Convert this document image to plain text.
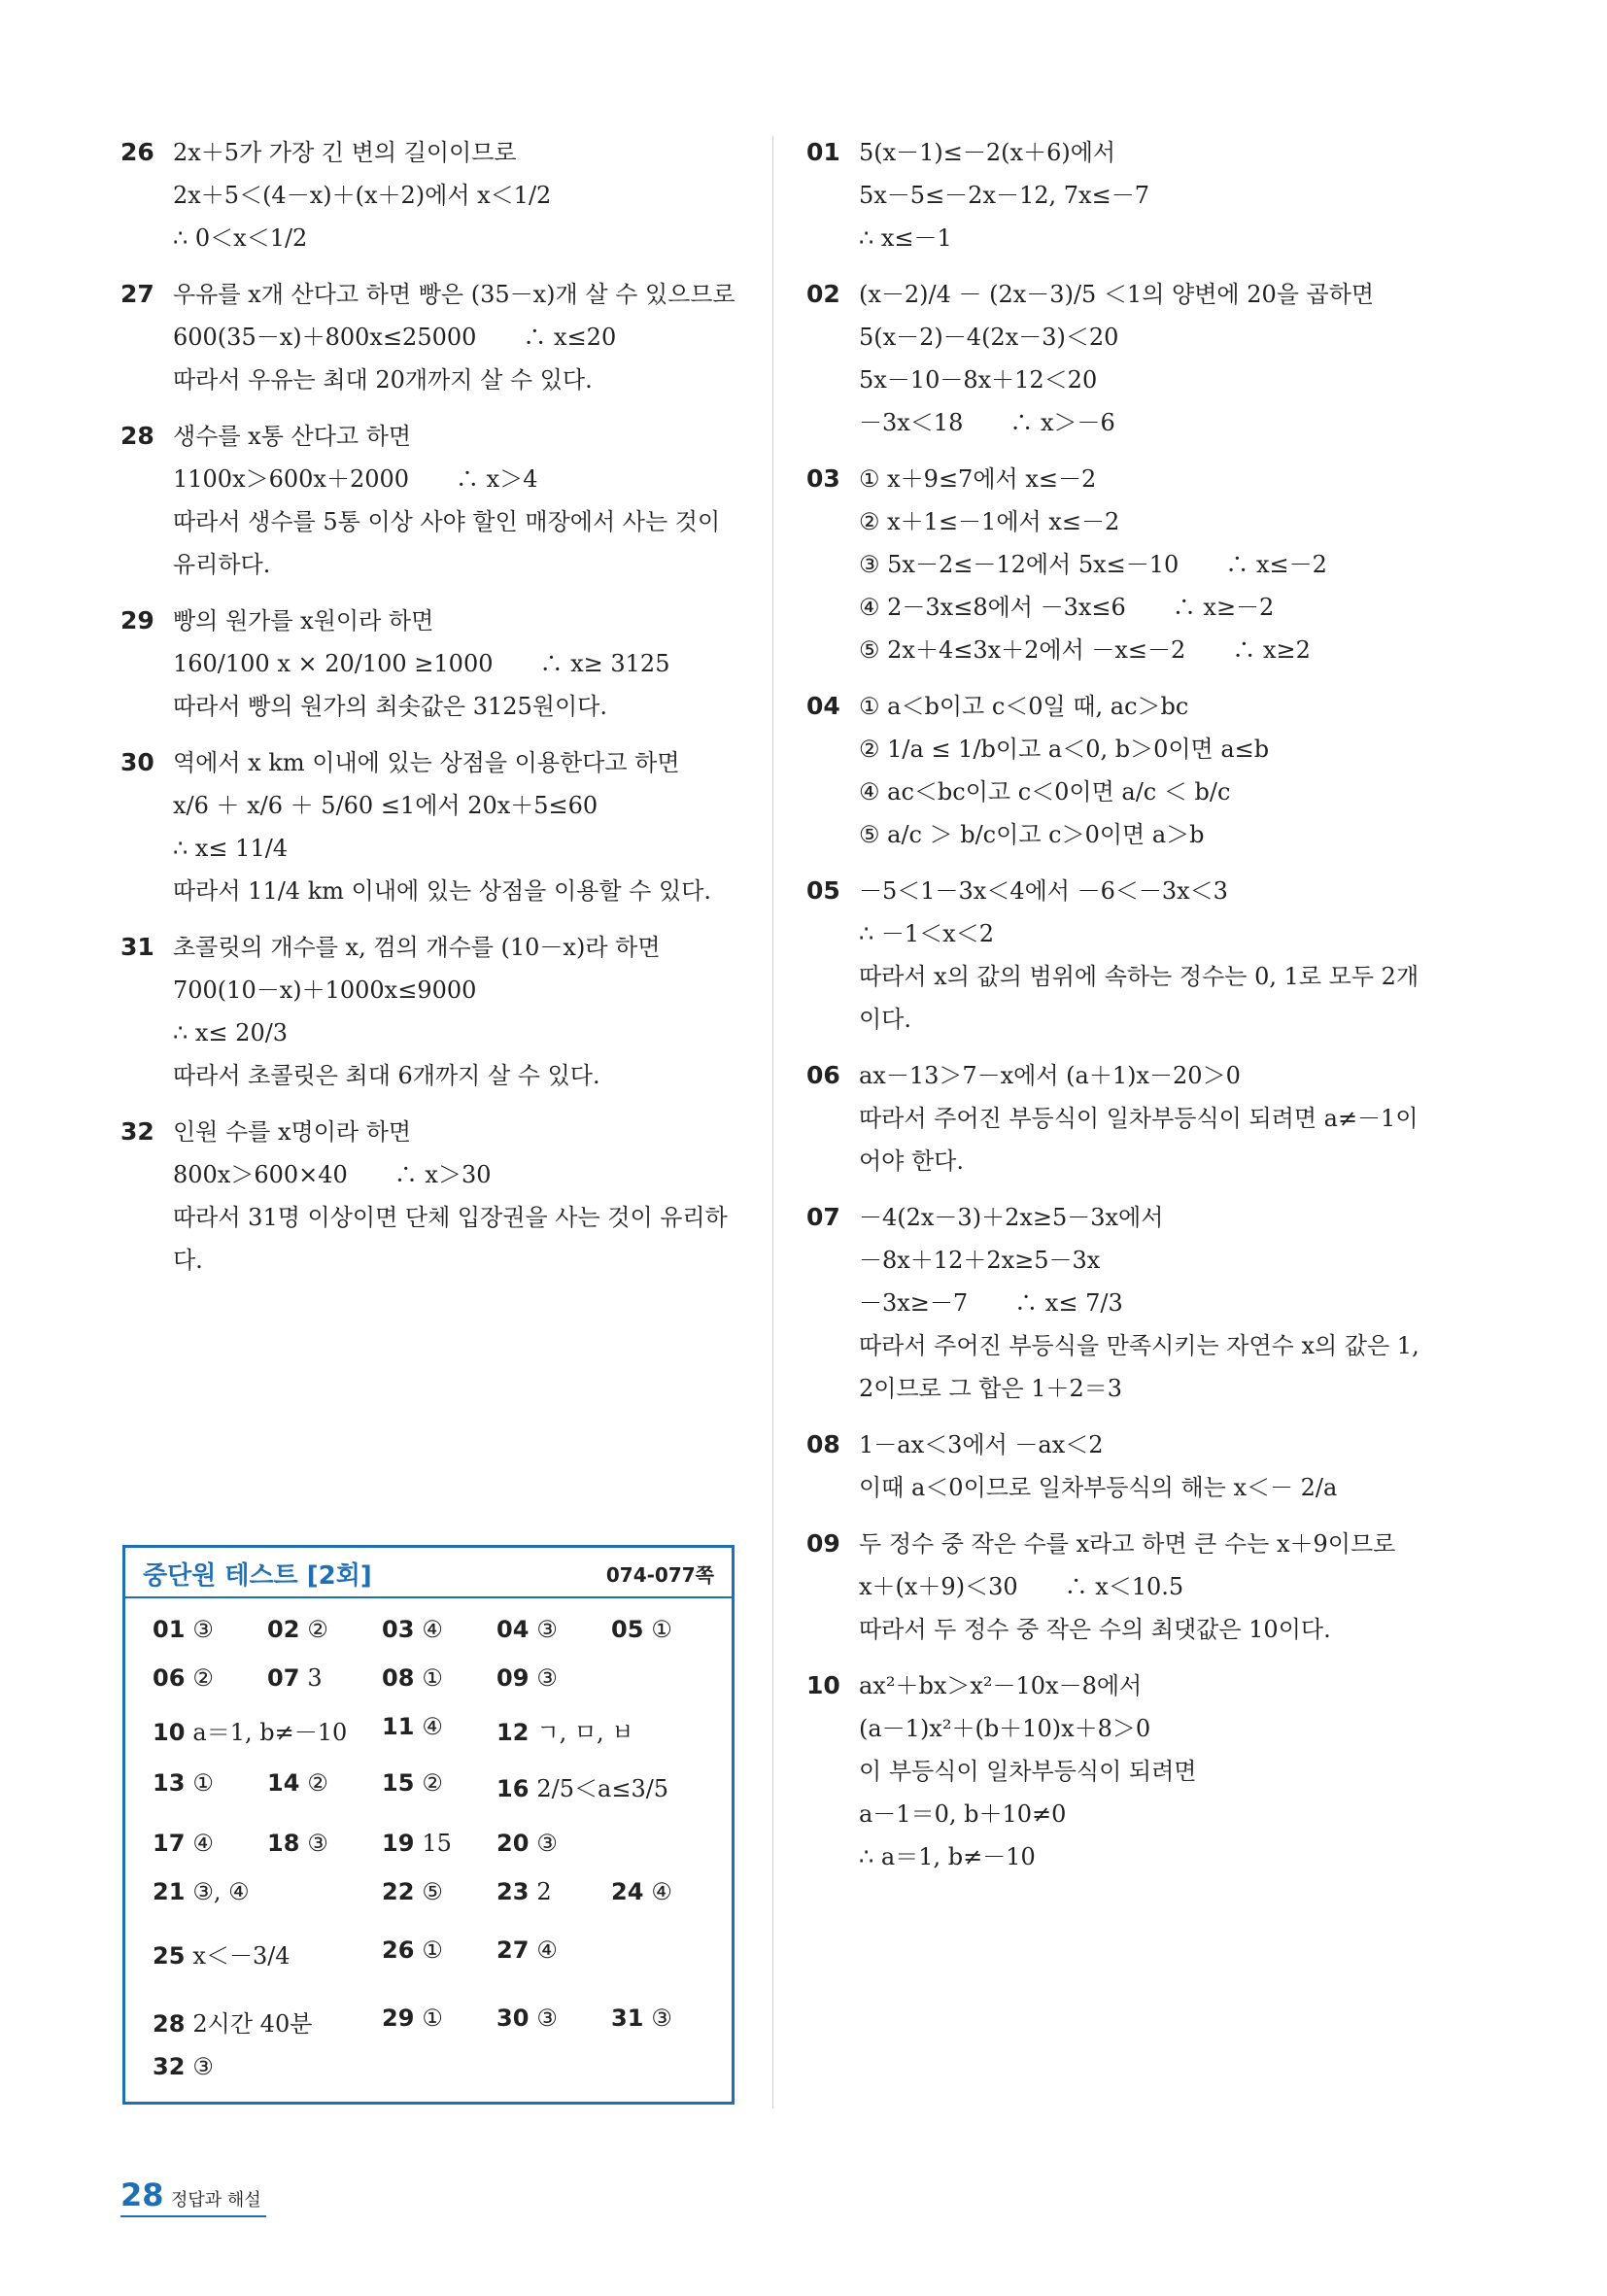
26 2x＋5가 가장 긴 변의 길이이므로
2x＋5＜(4－x)＋(x＋2)에서 x＜1/2
∴ 0＜x＜1/2
27 우유를 x개 산다고 하면 빵은 (35－x)개 살 수 있으므로
600(35－x)＋800x≤25000　　∴ x≤20
따라서 우유는 최대 20개까지 살 수 있다.
28 생수를 x통 산다고 하면
1100x＞600x＋2000　　∴ x＞4
따라서 생수를 5통 이상 사야 할인 매장에서 사는 것이 유리하다.
29 빵의 원가를 x원이라 하면
160/100 x × 20/100 ≥1000　　∴ x≥ 3125
따라서 빵의 원가의 최솟값은 3125원이다.
30 역에서 x km 이내에 있는 상점을 이용한다고 하면
x/6 ＋ x/6 ＋ 5/60 ≤1에서 20x＋5≤60
∴ x≤ 11/4
따라서 11/4 km 이내에 있는 상점을 이용할 수 있다.
31 초콜릿의 개수를 x, 껌의 개수를 (10－x)라 하면
700(10－x)＋1000x≤9000
∴ x≤ 20/3
따라서 초콜릿은 최대 6개까지 살 수 있다.
32 인원 수를 x명이라 하면
800x＞600×40　　∴ x＞30
따라서 31명 이상이면 단체 입장권을 사는 것이 유리하다.
01 5(x－1)≤－2(x＋6)에서
5x－5≤－2x－12, 7x≤－7
∴ x≤－1
02 (x－2)/4 － (2x－3)/5 ＜1의 양변에 20을 곱하면
5(x－2)－4(2x－3)＜20
5x－10－8x＋12＜20
－3x＜18　　∴ x＞－6
03 ① x＋9≤7에서 x≤－2
② x＋1≤－1에서 x≤－2
③ 5x－2≤－12에서 5x≤－10　　∴ x≤－2
④ 2－3x≤8에서 －3x≤6　　∴ x≥－2
⑤ 2x＋4≤3x＋2에서 －x≤－2　　∴ x≥2
04 ① a＜b이고 c＜0일 때, ac＞bc
② 1/a ≤ 1/b이고 a＜0, b＞0이면 a≤b
④ ac＜bc이고 c＜0이면 a/c ＜ b/c
⑤ a/c ＞ b/c이고 c＞0이면 a＞b
05 －5＜1－3x＜4에서 －6＜－3x＜3
∴ －1＜x＜2
따라서 x의 값의 범위에 속하는 정수는 0, 1로 모두 2개이다.
06 ax－13＞7－x에서 (a＋1)x－20＞0
따라서 주어진 부등식이 일차부등식이 되려면 a≠－1이어야 한다.
07 －4(2x－3)＋2x≥5－3x에서
－8x＋12＋2x≥5－3x
－3x≥－7　　∴ x≤ 7/3
따라서 주어진 부등식을 만족시키는 자연수 x의 값은 1, 2이므로 그 합은 1＋2＝3
08 1－ax＜3에서 －ax＜2
이때 a＜0이므로 일차부등식의 해는 x＜－ 2/a
09 두 정수 중 작은 수를 x라고 하면 큰 수는 x＋9이므로
x＋(x＋9)＜30　　∴ x＜10.5
따라서 두 정수 중 작은 수의 최댓값은 10이다.
10 ax²＋bx＞x²－10x－8에서
(a－1)x²＋(b＋10)x＋8＞0
이 부등식이 일차부등식이 되려면
a－1＝0, b＋10≠0
∴ a＝1, b≠－10
중단원 테스트 [2회]	074-077쪽
01 ③ 02 ② 03 ④ 04 ③ 05 ①
06 ② 07 3	08 ① 09 ③
10 a＝1, b≠－10 11 ④ 12 ㄱ, ㅁ, ㅂ
13 ① 14 ② 15 ② 16 2/5＜a≤3/5
17 ④ 18 ③ 19 15 20 ③
21 ③, ④	22 ⑤ 23 2	24 ④
25 x＜－3/4	26 ① 27 ④
28 2시간 40분	29 ① 30 ③ 31 ③
32 ③
28 정답과 해설
